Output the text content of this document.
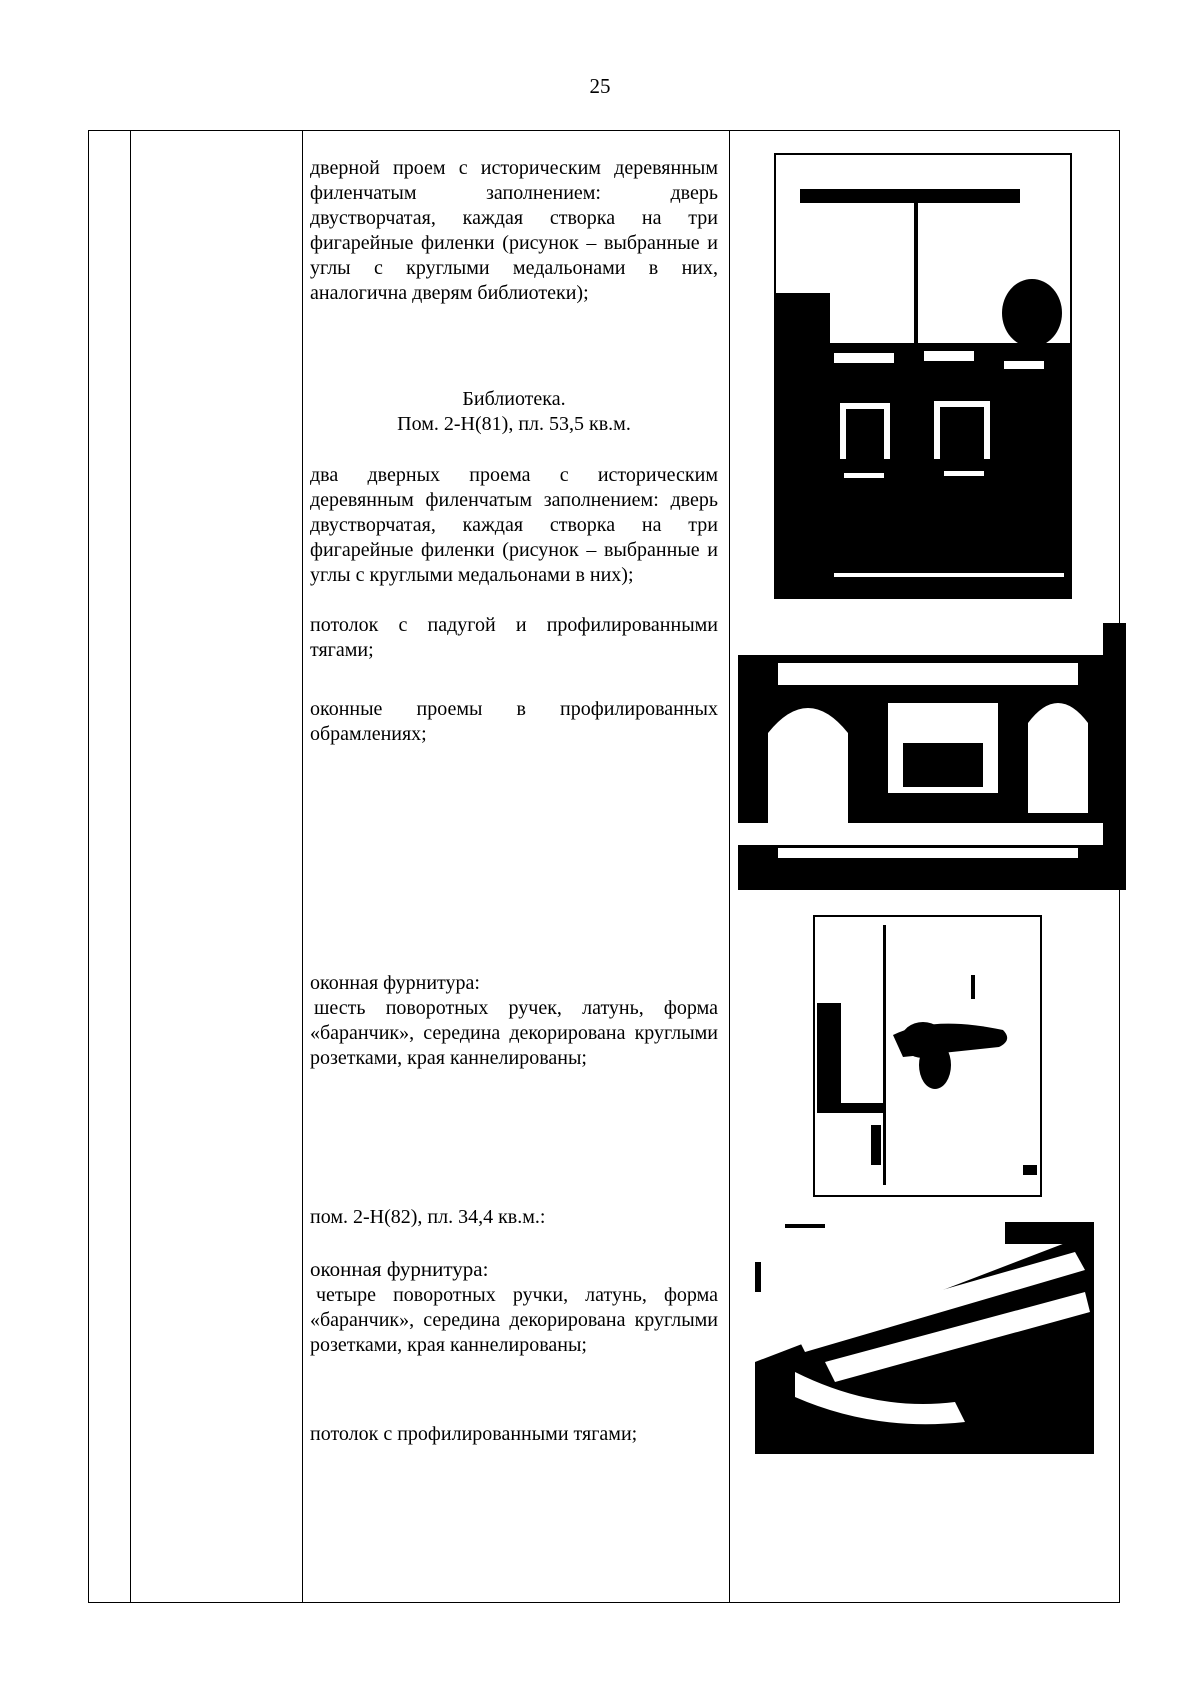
25

дверной проем с историческим деревянным филенчатым заполнением: дверь двустворчатая, каждая створка на три фигарейные филенки (рисунок – выбранные и углы с круглыми медальонами в них, аналогична дверям библиотеки);

Библиотека.

Пом. 2-Н(81), пл. 53,5 кв.м.

два дверных проема с историческим деревянным филенчатым заполнением: дверь двустворчатая, каждая створка на три фигарейные филенки (рисунок – выбранные и углы с круглыми медальонами в них);

потолок с падугой и профилированными тягами;

оконные проемы в профилированных обрамлениях;

оконная фурнитура:

шесть поворотных ручек, латунь, форма «баранчик», середина декорирована круглыми розетками, края каннелированы;

пом. 2-Н(82), пл. 34,4 кв.м.:

оконная фурнитура:

четыре поворотных ручки, латунь, форма «баранчик», середина декорирована круглыми розетками, края каннелированы;

потолок с профилированными тягами;
